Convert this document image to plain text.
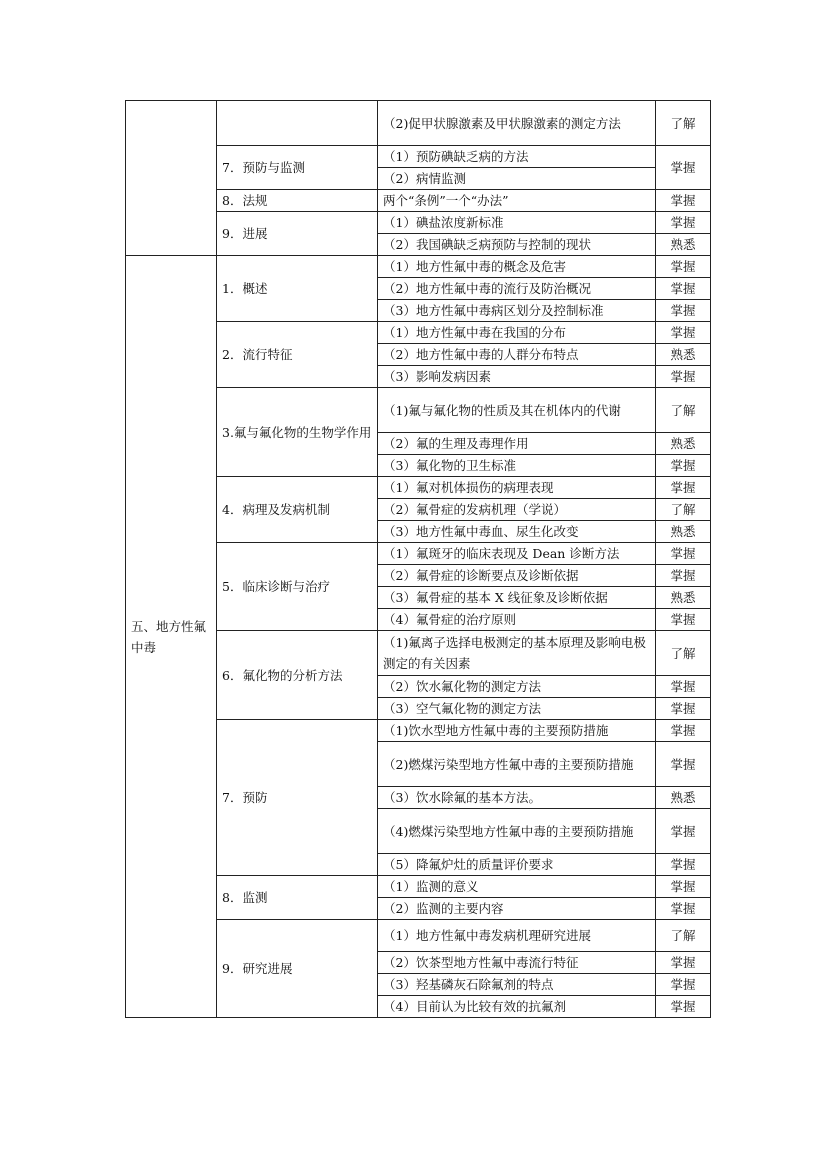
		（2)促甲状腺激素及甲状腺激素的测定方法	了解
	7．预防与监测	（1）预防碘缺乏病的方法	掌握
		（2）病情监测	
	8．法规	两个“条例”一个“办法”	掌握
	9．进展	（1）碘盐浓度新标准	掌握
		（2）我国碘缺乏病预防与控制的现状	熟悉
五、地方性氟中毒	1．概述	（1）地方性氟中毒的概念及危害	掌握
		（2）地方性氟中毒的流行及防治概况	掌握
		（3）地方性氟中毒病区划分及控制标准	掌握
	2．流行特征	（1）地方性氟中毒在我国的分布	掌握
		（2）地方性氟中毒的人群分布特点	熟悉
		（3）影响发病因素	掌握
	3.氟与氟化物的生物学作用	（1)氟与氟化物的性质及其在机体内的代谢	了解
		（2）氟的生理及毒理作用	熟悉
		（3）氟化物的卫生标准	掌握
	4．病理及发病机制	（1）氟对机体损伤的病理表现	掌握
		（2）氟骨症的发病机理（学说）	了解
		（3）地方性氟中毒血、尿生化改变	熟悉
	5．临床诊断与治疗	（1）氟斑牙的临床表现及 Dean 诊断方法	掌握
		（2）氟骨症的诊断要点及诊断依据	掌握
		（3）氟骨症的基本 X 线征象及诊断依据	熟悉
		（4）氟骨症的治疗原则	掌握
	6．氟化物的分析方法	（1)氟离子选择电极测定的基本原理及影响电极测定的有关因素	了解
		（2）饮水氟化物的测定方法	掌握
		（3）空气氟化物的测定方法	掌握
	7．预防	（1)饮水型地方性氟中毒的主要预防措施	掌握
		（2)燃煤污染型地方性氟中毒的主要预防措施	掌握
		（3）饮水除氟的基本方法。	熟悉
		（4)燃煤污染型地方性氟中毒的主要预防措施	掌握
		（5）降氟炉灶的质量评价要求	掌握
	8．监测	（1）监测的意义	掌握
		（2）监测的主要内容	掌握
	9．研究进展	（1）地方性氟中毒发病机理研究进展	了解
		（2）饮茶型地方性氟中毒流行特征	掌握
		（3）羟基磷灰石除氟剂的特点	掌握
		（4）目前认为比较有效的抗氟剂	掌握
